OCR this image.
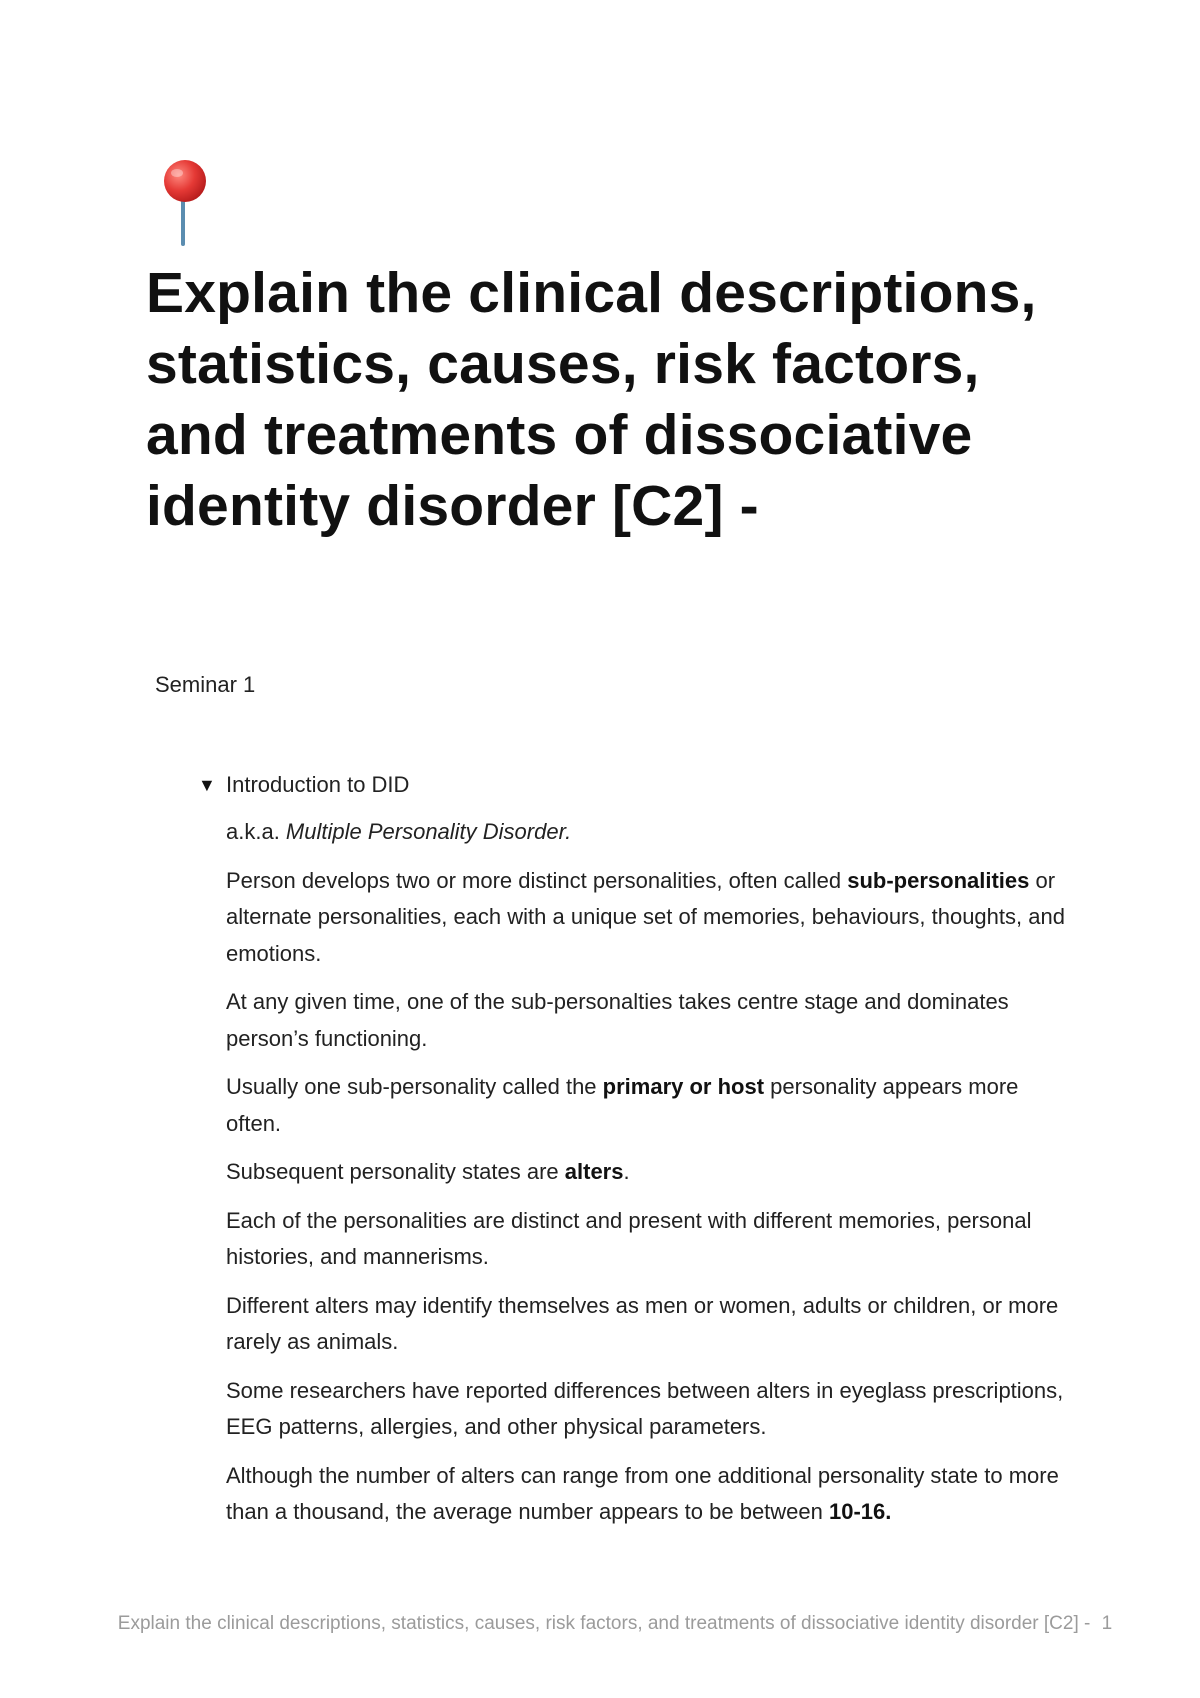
Explain the clinical descriptions, statistics, causes, risk factors, and treatments of dissociative identity disorder [C2] -
Seminar 1
▼ Introduction to DID

a.k.a. Multiple Personality Disorder.

Person develops two or more distinct personalities, often called sub-personalities or alternate personalities, each with a unique set of memories, behaviours, thoughts, and emotions.

At any given time, one of the sub-personalties takes centre stage and dominates person’s functioning.

Usually one sub-personality called the primary or host personality appears more often.

Subsequent personality states are alters.

Each of the personalities are distinct and present with different memories, personal histories, and mannerisms.

Different alters may identify themselves as men or women, adults or children, or more rarely as animals.

Some researchers have reported differences between alters in eyeglass prescriptions, EEG patterns, allergies, and other physical parameters.

Although the number of alters can range from one additional personality state to more than a thousand, the average number appears to be between 10-16.

Explain the clinical descriptions, statistics, causes, risk factors, and treatments of dissociative identity disorder [C2] - 1
